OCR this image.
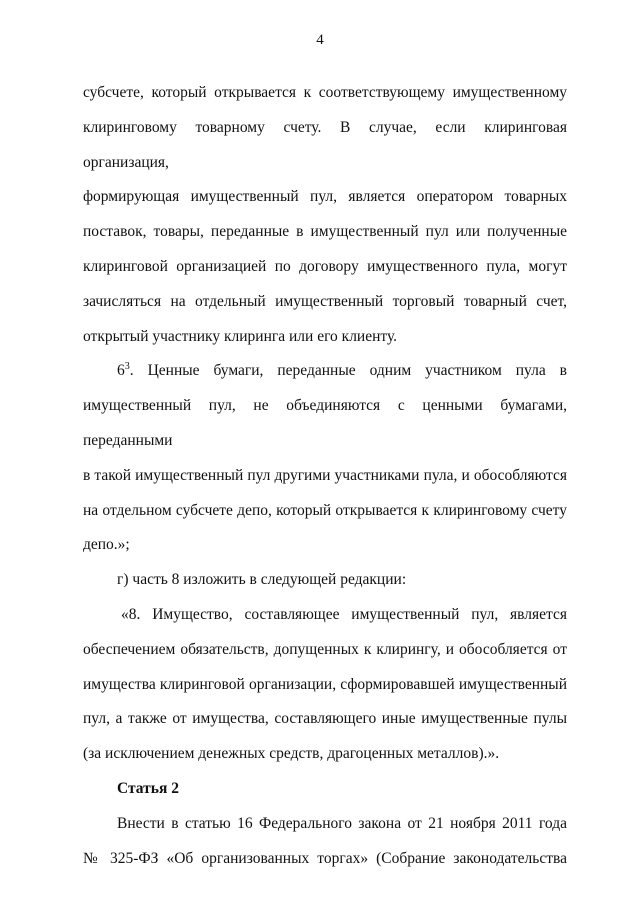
4

субсчете, который открывается к соответствующему имущественному

клиринговому товарному счету. В случае, если клиринговая организация,

формирующая имущественный пул, является оператором товарных

поставок, товары, переданные в имущественный пул или полученные

клиринговой организацией по договору имущественного пула, могут

зачисляться на отдельный имущественный торговый товарный счет,

открытый участнику клиринга или его клиенту.

$6^3$. Ценные бумаги, переданные одним участником пула в

имущественный пул, не объединяются с ценными бумагами, переданными

в такой имущественный пул другими участниками пула, и обособляются

на отдельном субсчете депо, который открывается к клиринговому счету

депо.»;

г) часть 8 изложить в следующей редакции:

«8. Имущество, составляющее имущественный пул, является

обеспечением обязательств, допущенных к клирингу, и обособляется от

имущества клиринговой организации, сформировавшей имущественный

пул, а также от имущества, составляющего иные имущественные пулы

(за исключением денежных средств, драгоценных металлов).».

Статья 2

Внести в статью 16 Федерального закона от 21 ноября 2011 года

№ 325-ФЗ «Об организованных торгах» (Собрание законодательства
